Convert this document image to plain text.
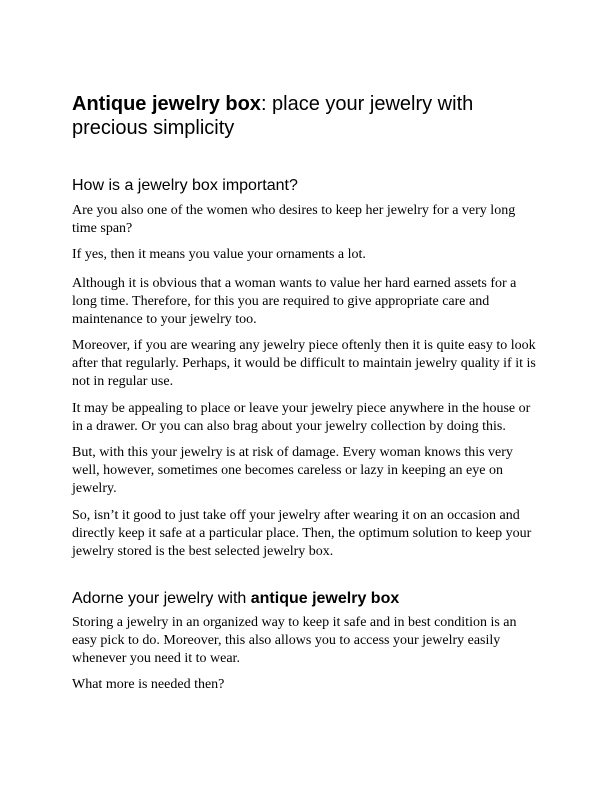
Antique jewelry box: place your jewelry with precious simplicity
How is a jewelry box important?

Are you also one of the women who desires to keep her jewelry for a very long time span?

If yes, then it means you value your ornaments a lot.

Although it is obvious that a woman wants to value her hard earned assets for a long time. Therefore, for this you are required to give appropriate care and maintenance to your jewelry too.

Moreover, if you are wearing any jewelry piece oftenly then it is quite easy to look after that regularly. Perhaps, it would be difficult to maintain jewelry quality if it is not in regular use.

It may be appealing to place or leave your jewelry piece anywhere in the house or in a drawer. Or you can also brag about your jewelry collection by doing this.

But, with this your jewelry is at risk of damage. Every woman knows this very well, however, sometimes one becomes careless or lazy in keeping an eye on jewelry.

So, isn’t it good to just take off your jewelry after wearing it on an occasion and directly keep it safe at a particular place. Then, the optimum solution to keep your jewelry stored is the best selected jewelry box.

Adorne your jewelry with antique jewelry box

Storing a jewelry in an organized way to keep it safe and in best condition is an easy pick to do. Moreover, this also allows you to access your jewelry easily whenever you need it to wear.

What more is needed then?
